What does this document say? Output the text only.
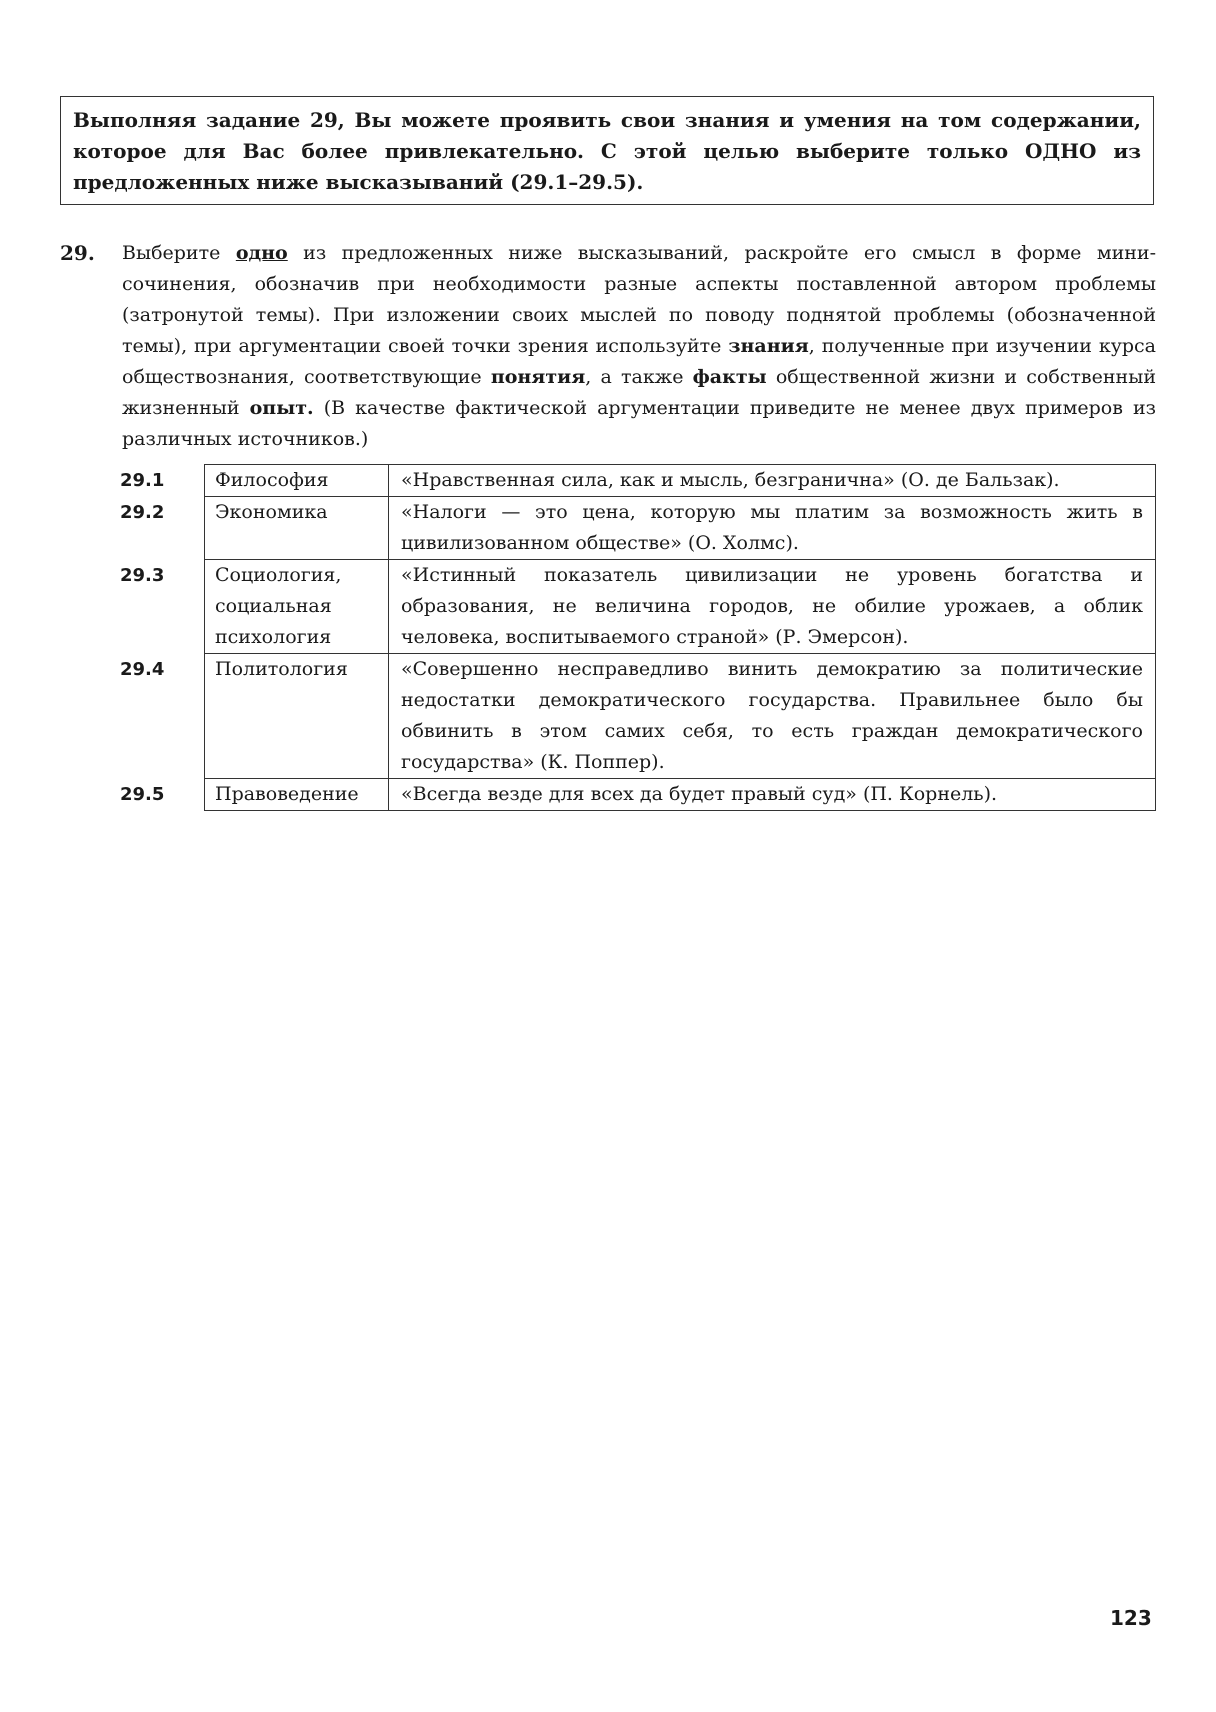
Выполняя задание 29, Вы можете проявить свои знания и умения на том содержании, которое для Вас более привлекательно. С этой целью выберите только ОДНО из предложенных ниже высказываний (29.1–29.5).
29. Выберите одно из предложенных ниже высказываний, раскройте его смысл в форме мини-сочинения, обозначив при необходимости разные аспекты поставленной автором проблемы (затронутой темы). При изложении своих мыслей по поводу поднятой проблемы (обозначенной темы), при аргументации своей точки зрения используйте знания, полученные при изучении курса обществознания, соответствующие понятия, а также факты общественной жизни и собственный жизненный опыт. (В качестве фактической аргументации приведите не менее двух примеров из различных источников.)
29.1	Философия	«Нравственная сила, как и мысль, безгранична» (О. де Бальзак).
29.2	Экономика	«Налоги — это цена, которую мы платим за возможность жить в цивилизованном обществе» (О. Холмс).
29.3	Социология, социальная психология	«Истинный показатель цивилизации не уровень богатства и образования, не величина городов, не обилие урожаев, а облик человека, воспитываемого страной» (Р. Эмерсон).
29.4	Политология	«Совершенно несправедливо винить демократию за политические недостатки демократического государства. Правильнее было бы обвинить в этом самих себя, то есть граждан демократического государства» (К. Поппер).
29.5	Правоведение	«Всегда везде для всех да будет правый суд» (П. Корнель).
123
